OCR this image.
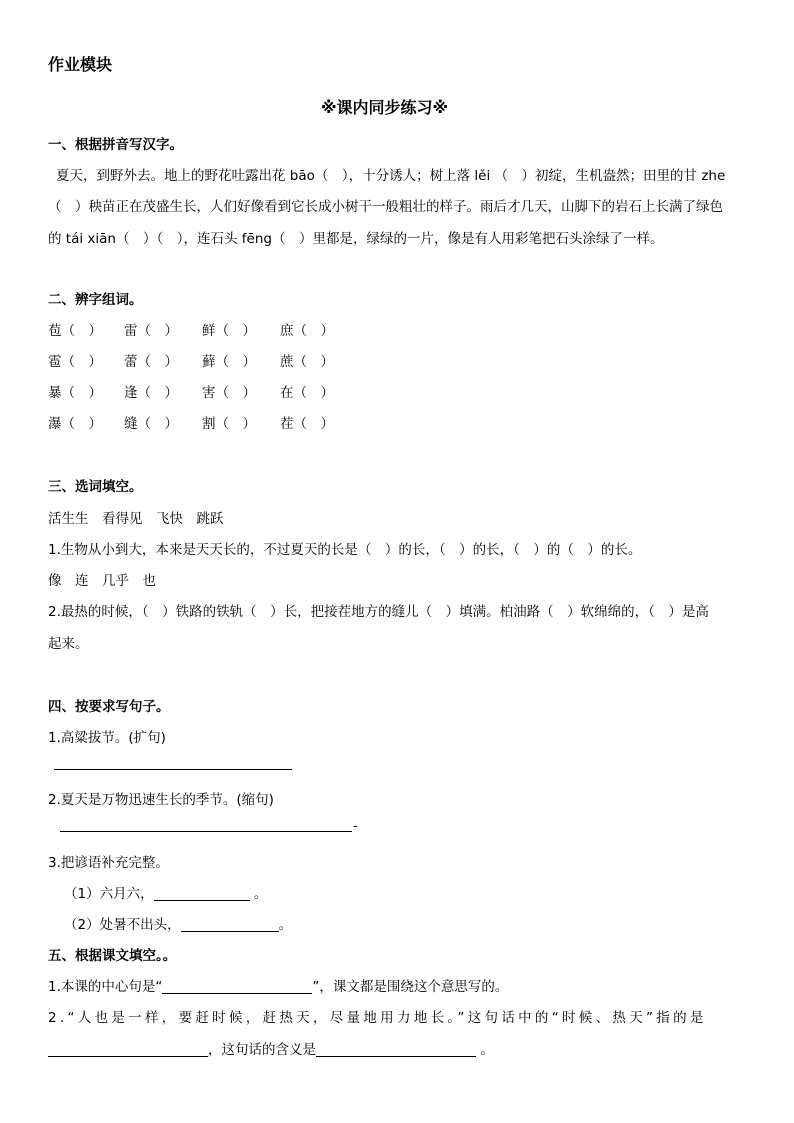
作业模块
※课内同步练习※
一、根据拼音写汉字。
夏天，到野外去。地上的野花吐露出花 bāo（　），十分诱人；树上落 lěi （　）初绽，生机盎然；田里的甘 zhe
（　）秧苗正在茂盛生长，人们好像看到它长成小树干一般粗壮的样子。雨后才几天，山脚下的岩石上长满了绿色
的 tái xiān（　）（　），连石头 fēng（　）里都是，绿绿的一片，像是有人用彩笔把石头涂绿了一样。
二、辨字组词。
苞（　） 雷（　） 鲜（　） 庶（　）
雹（　） 蕾（　） 藓（　） 蔗（　）
暴（　） 逢（　） 害（　） 在（　）
瀑（　） 缝（　） 割（　） 茬（　）
三、选词填空。
活生生　看得见　飞快　跳跃
1.生物从小到大，本来是天天长的，不过夏天的长是（　）的长，（　）的长，（　）的（　）的长。
像　连　几乎　也
2.最热的时候，（　）铁路的铁轨（　）长，把接茬地方的缝儿（　）填满。柏油路（　）软绵绵的，（　）是高
起来。
四、按要求写句子。
1.高粱拔节。(扩句)
2.夏天是万物迅速生长的季节。(缩句)
-
3.把谚语补充完整。
（1）六月六，	。
（2）处暑不出头，	。
五、根据课文填空。。
1.本课的中心句是“	”，课文都是围绕这个意思写的。
2.“人也是一样，要赶时候，赶热天，尽量地用力地长。”这句话中的“时候、热天”指的是
，这句话的含义是	。
